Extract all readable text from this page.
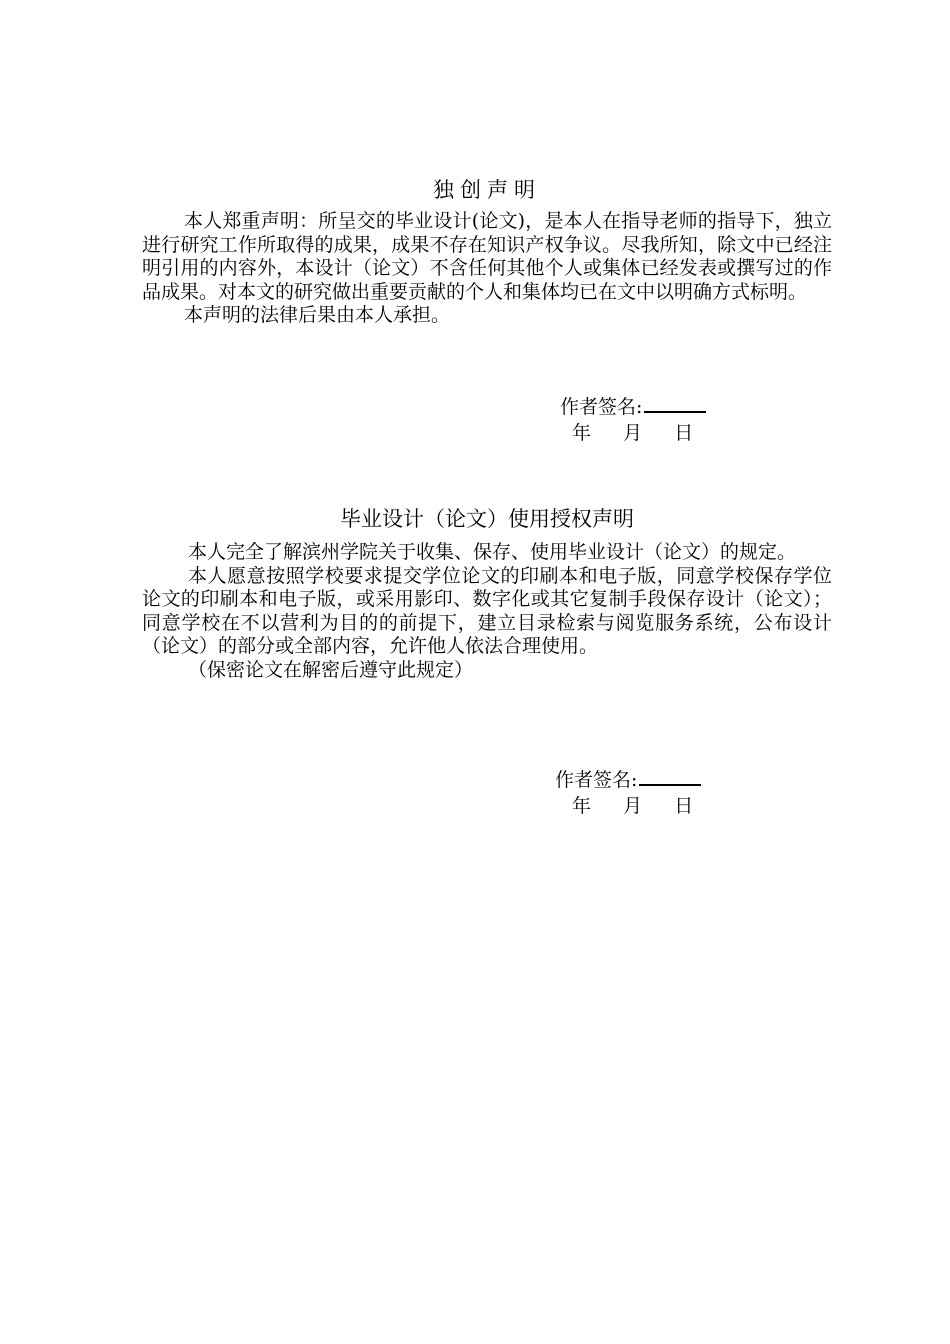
独创声明

本人郑重声明：所呈交的毕业设计(论文)，是本人在指导老师的指导下，独立进行研究工作所取得的成果，成果不存在知识产权争议。尽我所知，除文中已经注明引用的内容外，本设计（论文）不含任何其他个人或集体已经发表或撰写过的作品成果。对本文的研究做出重要贡献的个人和集体均已在文中以明确方式标明。

本声明的法律后果由本人承担。

作者签名:
年 月 日
毕业设计（论文）使用授权声明

本人完全了解滨州学院关于收集、保存、使用毕业设计（论文）的规定。

本人愿意按照学校要求提交学位论文的印刷本和电子版，同意学校保存学位论文的印刷本和电子版，或采用影印、数字化或其它复制手段保存设计（论文）；同意学校在不以营利为目的的前提下，建立目录检索与阅览服务系统，公布设计（论文）的部分或全部内容，允许他人依法合理使用。

（保密论文在解密后遵守此规定）

作者签名:
年 月 日
